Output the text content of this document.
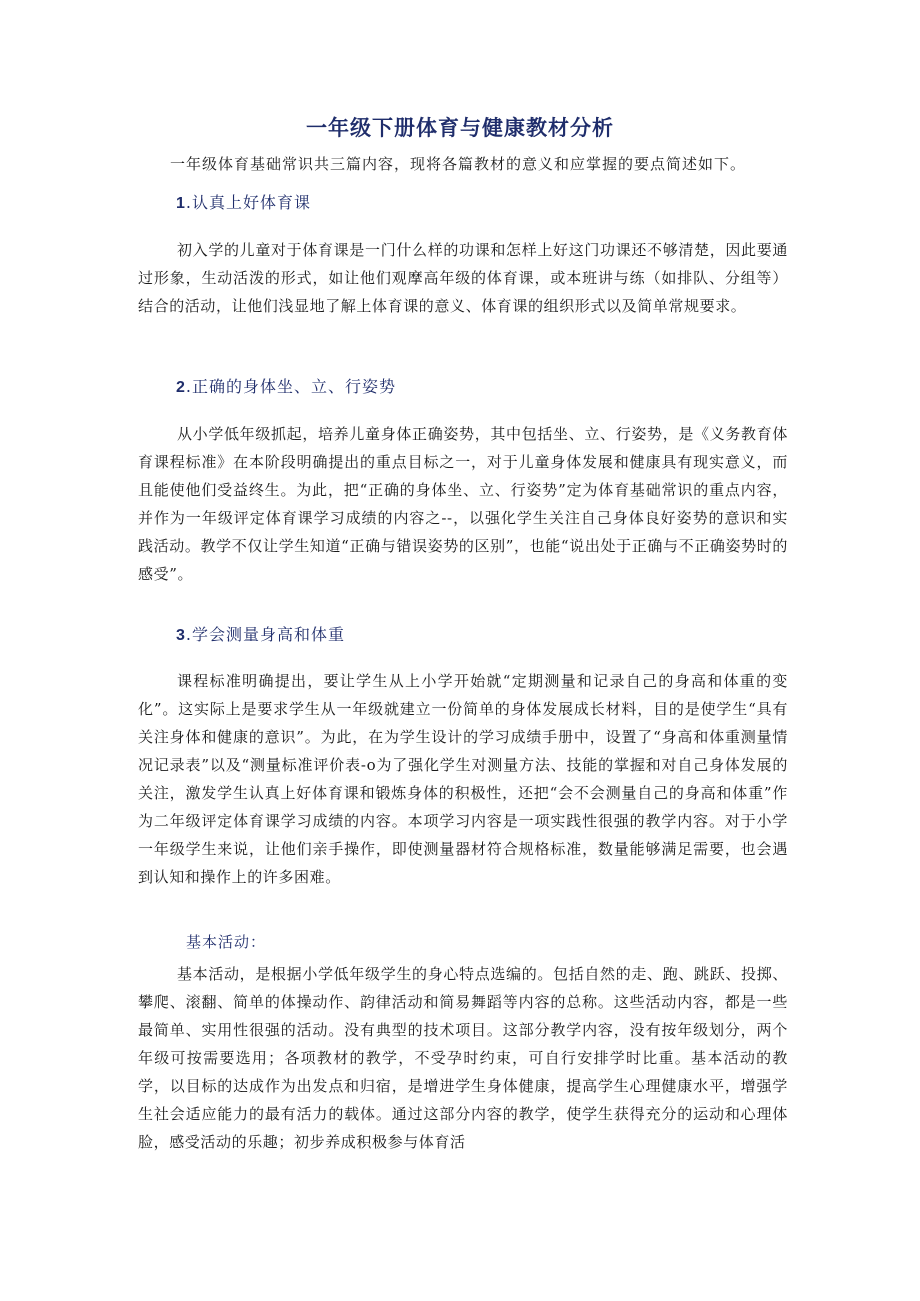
一年级下册体育与健康教材分析
一年级体育基础常识共三篇内容，现将各篇教材的意义和应掌握的要点简述如下。
1.认真上好体育课

初入学的儿童对于体育课是一门什么样的功课和怎样上好这门功课还不够清楚，因此要通过形象，生动活泼的形式，如让他们观摩高年级的体育课，或本班讲与练（如排队、分组等）结合的活动，让他们浅显地了解上体育课的意义、体育课的组织形式以及简单常规要求。

2.正确的身体坐、立、行姿势

从小学低年级抓起，培养儿童身体正确姿势，其中包括坐、立、行姿势，是《义务教育体育课程标准》在本阶段明确提出的重点目标之一，对于儿童身体发展和健康具有现实意义，而且能使他们受益终生。为此，把“正确的身体坐、立、行姿势”定为体育基础常识的重点内容，并作为一年级评定体育课学习成绩的内容之--，以强化学生关注自己身体良好姿势的意识和实践活动。教学不仅让学生知道“正确与错误姿势的区别”，也能“说出处于正确与不正确姿势时的感受”。

3.学会测量身高和体重

课程标准明确提出，要让学生从上小学开始就“定期测量和记录自己的身高和体重的变化”。这实际上是要求学生从一年级就建立一份简单的身体发展成长材料，目的是使学生“具有关注身体和健康的意识”。为此，在为学生设计的学习成绩手册中，设置了“身高和体重测量情况记录表”以及“测量标准评价表-o为了强化学生对测量方法、技能的掌握和对自己身体发展的关注，激发学生认真上好体育课和锻炼身体的积极性，还把“会不会测量自己的身高和体重”作为二年级评定体育课学习成绩的内容。本项学习内容是一项实践性很强的教学内容。对于小学一年级学生来说，让他们亲手操作，即使测量器材符合规格标准，数量能够满足需要，也会遇到认知和操作上的许多困难。

基本活动：

基本活动，是根据小学低年级学生的身心特点选编的。包括自然的走、跑、跳跃、投掷、攀爬、滚翻、简单的体操动作、韵律活动和简易舞蹈等内容的总称。这些活动内容，都是一些最简单、实用性很强的活动。没有典型的技术项目。这部分教学内容，没有按年级划分，两个年级可按需要选用；各项教材的教学，不受孕时约束，可自行安排学时比重。基本活动的教学，以目标的达成作为出发点和归宿，是增进学生身体健康，提高学生心理健康水平，增强学生社会适应能力的最有活力的载体。通过这部分内容的教学，使学生获得充分的运动和心理体脸，感受活动的乐趣；初步养成积极参与体育活
